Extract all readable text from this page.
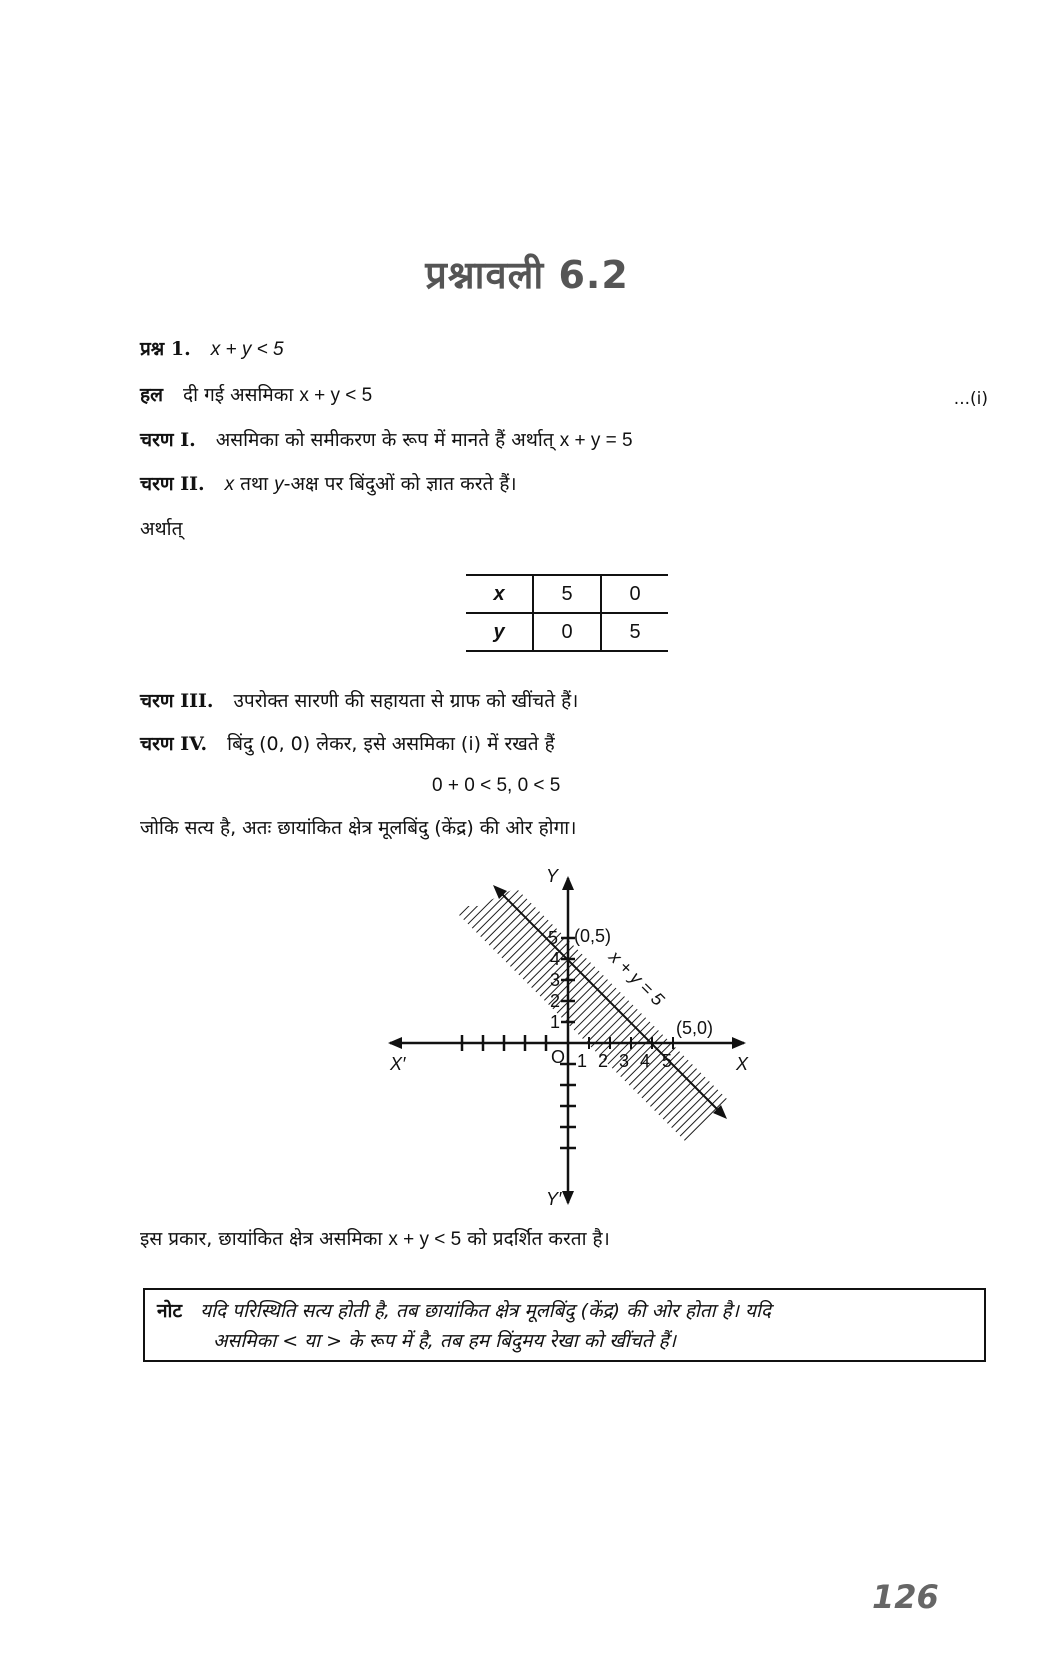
प्रश्नावली 6.2
प्रश्न 1. x + y < 5
हल दी गई असमिका x + y < 5	...(i)
चरण I. असमिका को समीकरण के रूप में मानते हैं अर्थात् x + y = 5
चरण II. x तथा y-अक्ष पर बिंदुओं को ज्ञात करते हैं।
अर्थात्
x	5	0
y	0	5
चरण III. उपरोक्त सारणी की सहायता से ग्राफ को खींचते हैं।
चरण IV. बिंदु (0, 0) लेकर, इसे असमिका (i) में रखते हैं
0 + 0 < 5, 0 < 5
जोकि सत्य है, अतः छायांकित क्षेत्र मूलबिंदु (केंद्र) की ओर होगा।
Y
Y′
X′	X
O 1 2 3 4 5
1
2
3
4
5 (0,5)
(5,0)
x + y = 5
इस प्रकार, छायांकित क्षेत्र असमिका x + y < 5 को प्रदर्शित करता है।
नोट यदि परिस्थिति सत्य होती है, तब छायांकित क्षेत्र मूलबिंदु (केंद्र) की ओर होता है। यदि
असमिका < या > के रूप में है, तब हम बिंदुमय रेखा को खींचते हैं।
126
